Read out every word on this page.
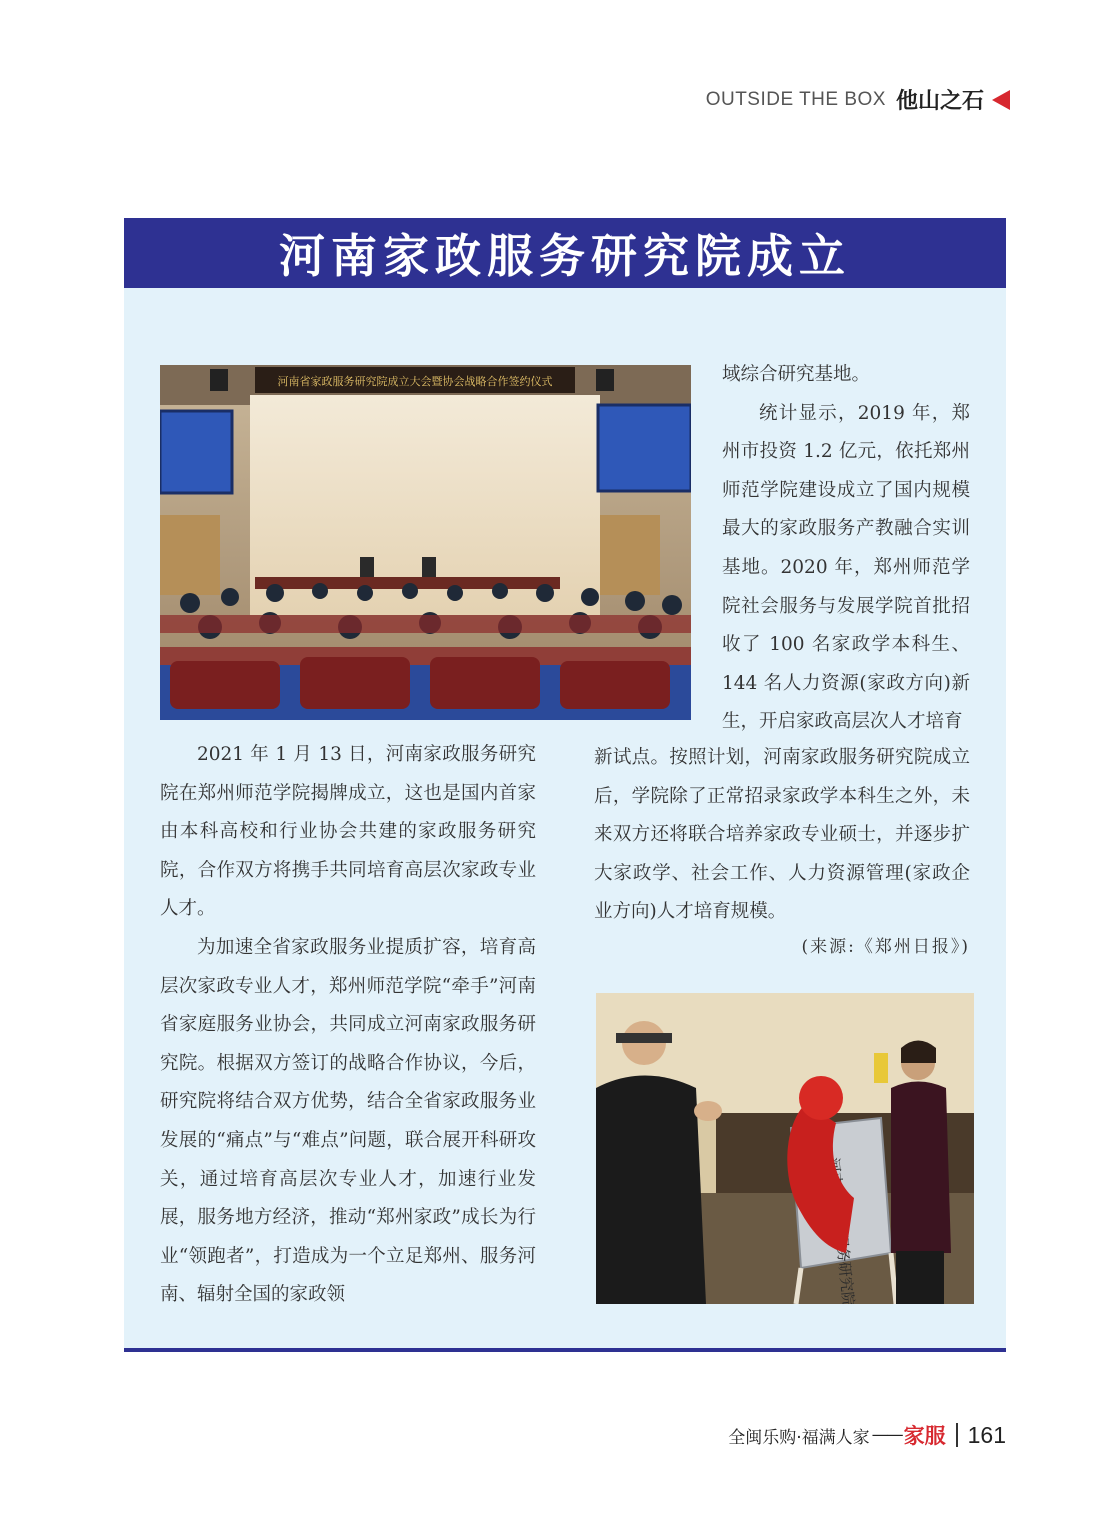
OUTSIDE THE BOX 他山之石
河南家政服务研究院成立
河南省家政服务研究院成立大会暨协会战略合作签约仪式

2021 年 1 月 13 日，河南家政服务研究院在郑州师范学院揭牌成立，这也是国内首家由本科高校和行业协会共建的家政服务研究院，合作双方将携手共同培育高层次家政专业人才。

为加速全省家政服务业提质扩容，培育高层次家政专业人才，郑州师范学院“牵手”河南省家庭服务业协会，共同成立河南家政服务研究院。根据双方签订的战略合作协议，今后，研究院将结合双方优势，结合全省家政服务业发展的“痛点”与“难点”问题，联合展开科研攻关，通过培育高层次专业人才，加速行业发展，服务地方经济，推动“郑州家政”成长为行业“领跑者”，打造成为一个立足郑州、服务河南、辐射全国的家政领

域综合研究基地。

统计显示，2019 年，郑州市投资 1.2 亿元，依托郑州师范学院建设成立了国内规模最大的家政服务产教融合实训基地。2020 年，郑州师范学院社会服务与发展学院首批招收了 100 名家政学本科生、144 名人力资源(家政方向)新生，开启家政高层次人才培育

新试点。按照计划，河南家政服务研究院成立后，学院除了正常招录家政学本科生之外，未来双方还将联合培养家政专业硕士，并逐步扩大家政学、社会工作、人力资源管理(家政企业方向)人才培育规模。

(来源:《郑州日报》)
全闽乐购·福满人家 —— 家服 161
